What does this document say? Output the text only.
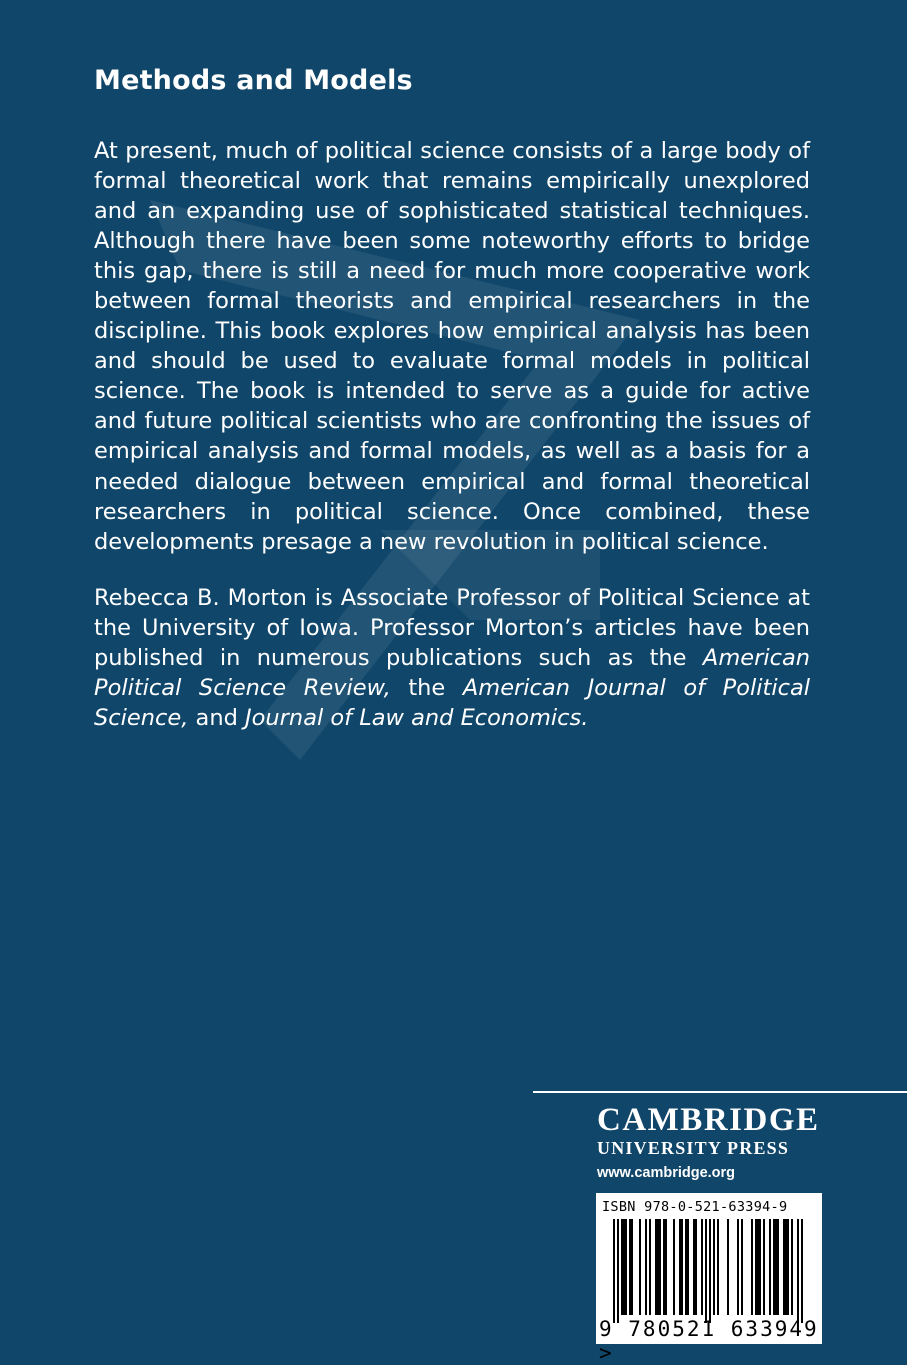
Methods and Models

At present, much of political science consists of a large body of formal theoretical work that remains empirically unexplored and an expanding use of sophisticated statistical techniques. Although there have been some noteworthy efforts to bridge this gap, there is still a need for much more cooperative work between formal theorists and empirical researchers in the discipline. This book explores how empirical analysis has been and should be used to evaluate formal models in political science. The book is intended to serve as a guide for active and future political scientists who are confronting the issues of empirical analysis and formal models, as well as a basis for a needed dialogue between empirical and formal theoretical researchers in political science. Once combined, these developments presage a new revolution in political science.

Rebecca B. Morton is Associate Professor of Political Science at the University of Iowa. Professor Morton’s articles have been published in numerous publications such as the American Political Science Review, the American Journal of Political Science, and Journal of Law and Economics.

CAMBRIDGE
UNIVERSITY PRESS
www.cambridge.org
ISBN 978-0-521-63394-9
9 780521 633949 >
